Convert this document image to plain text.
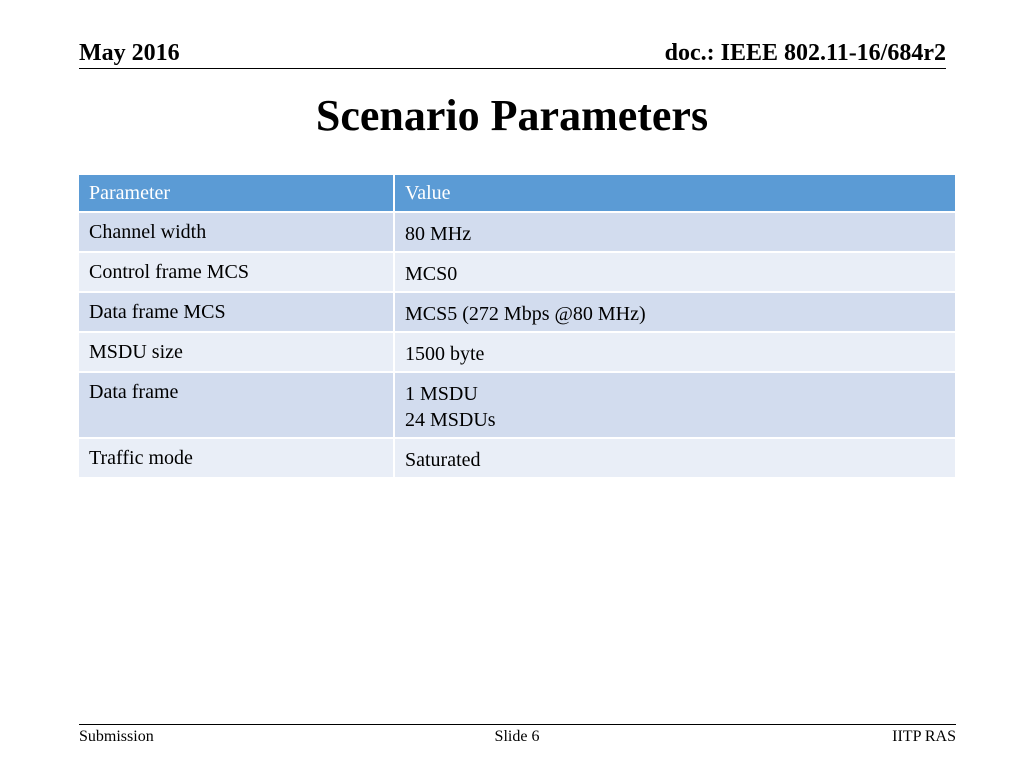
May 2016	doc.: IEEE 802.11-16/684r2
Scenario Parameters
Parameter	Value
Channel width	80 MHz

Control frame MCS	MCS0

Data frame MCS	MCS5 (272 Mbps @80 MHz)

MSDU size	1500 byte

Data frame	1 MSDU
24 MSDUs

Traffic mode	Saturated
Submission	Slide 6	IITP RAS
